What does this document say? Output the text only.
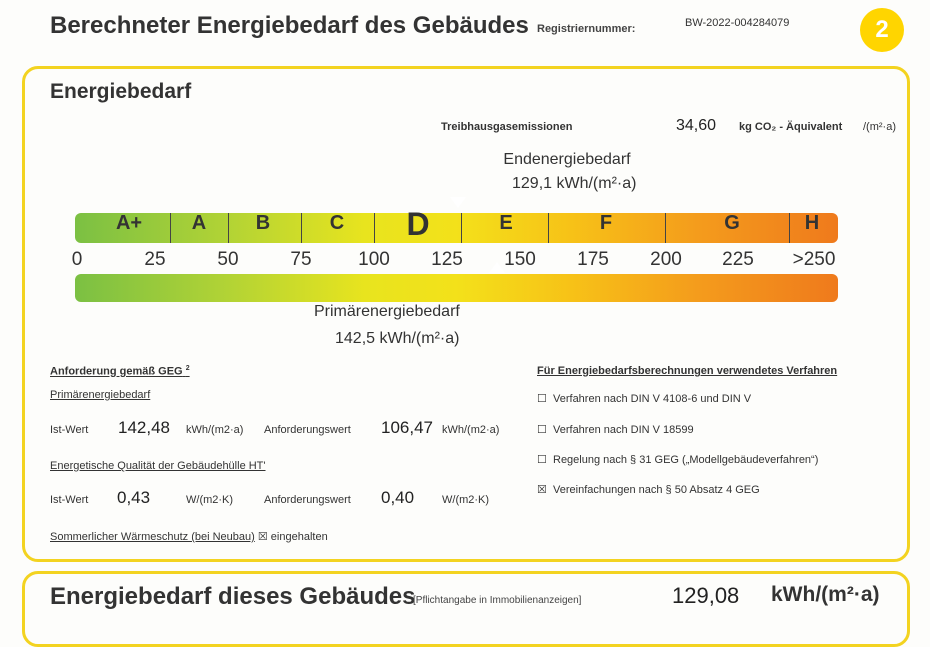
Berechneter Energiebedarf des Gebäudes Registriernummer:	BW-2022-004284079	2
Energiebedarf
Treibhausgasemissionen	34,60 kg CO₂ - Äquivalent /(m²·a)
Endenergiebedarf
129,1 kWh/(m²·a)
A+ A B	C D	E	F	G	H
0	25	50	75 100 125 150 175 200 225 >250
Primärenergiebedarf
142,5 kWh/(m²·a)
Anforderung gemäß GEG $^2$
Primärenergiebedarf
Ist-Wert 142,48 kWh/(m2·a) Anforderungswert 106,47 kWh/(m2·a)
Energetische Qualität der Gebäudehülle HT'
Ist-Wert 0,43	W/(m2·K)	Anforderungswert 0,40	W/(m2·K)
Sommerlicher Wärmeschutz (bei Neubau) ☒ eingehalten
Für Energiebedarfsberechnungen verwendetes Verfahren
☐ Verfahren nach DIN V 4108-6 und DIN V
☐ Verfahren nach DIN V 18599
☐ Regelung nach § 31 GEG („Modellgebäudeverfahren“)
☒ Vereinfachungen nach § 50 Absatz 4 GEG
Energiebedarf dieses Gebäudes
[Pflichtangabe in Immobilienanzeigen]	129,08 kWh/(m²·a)
